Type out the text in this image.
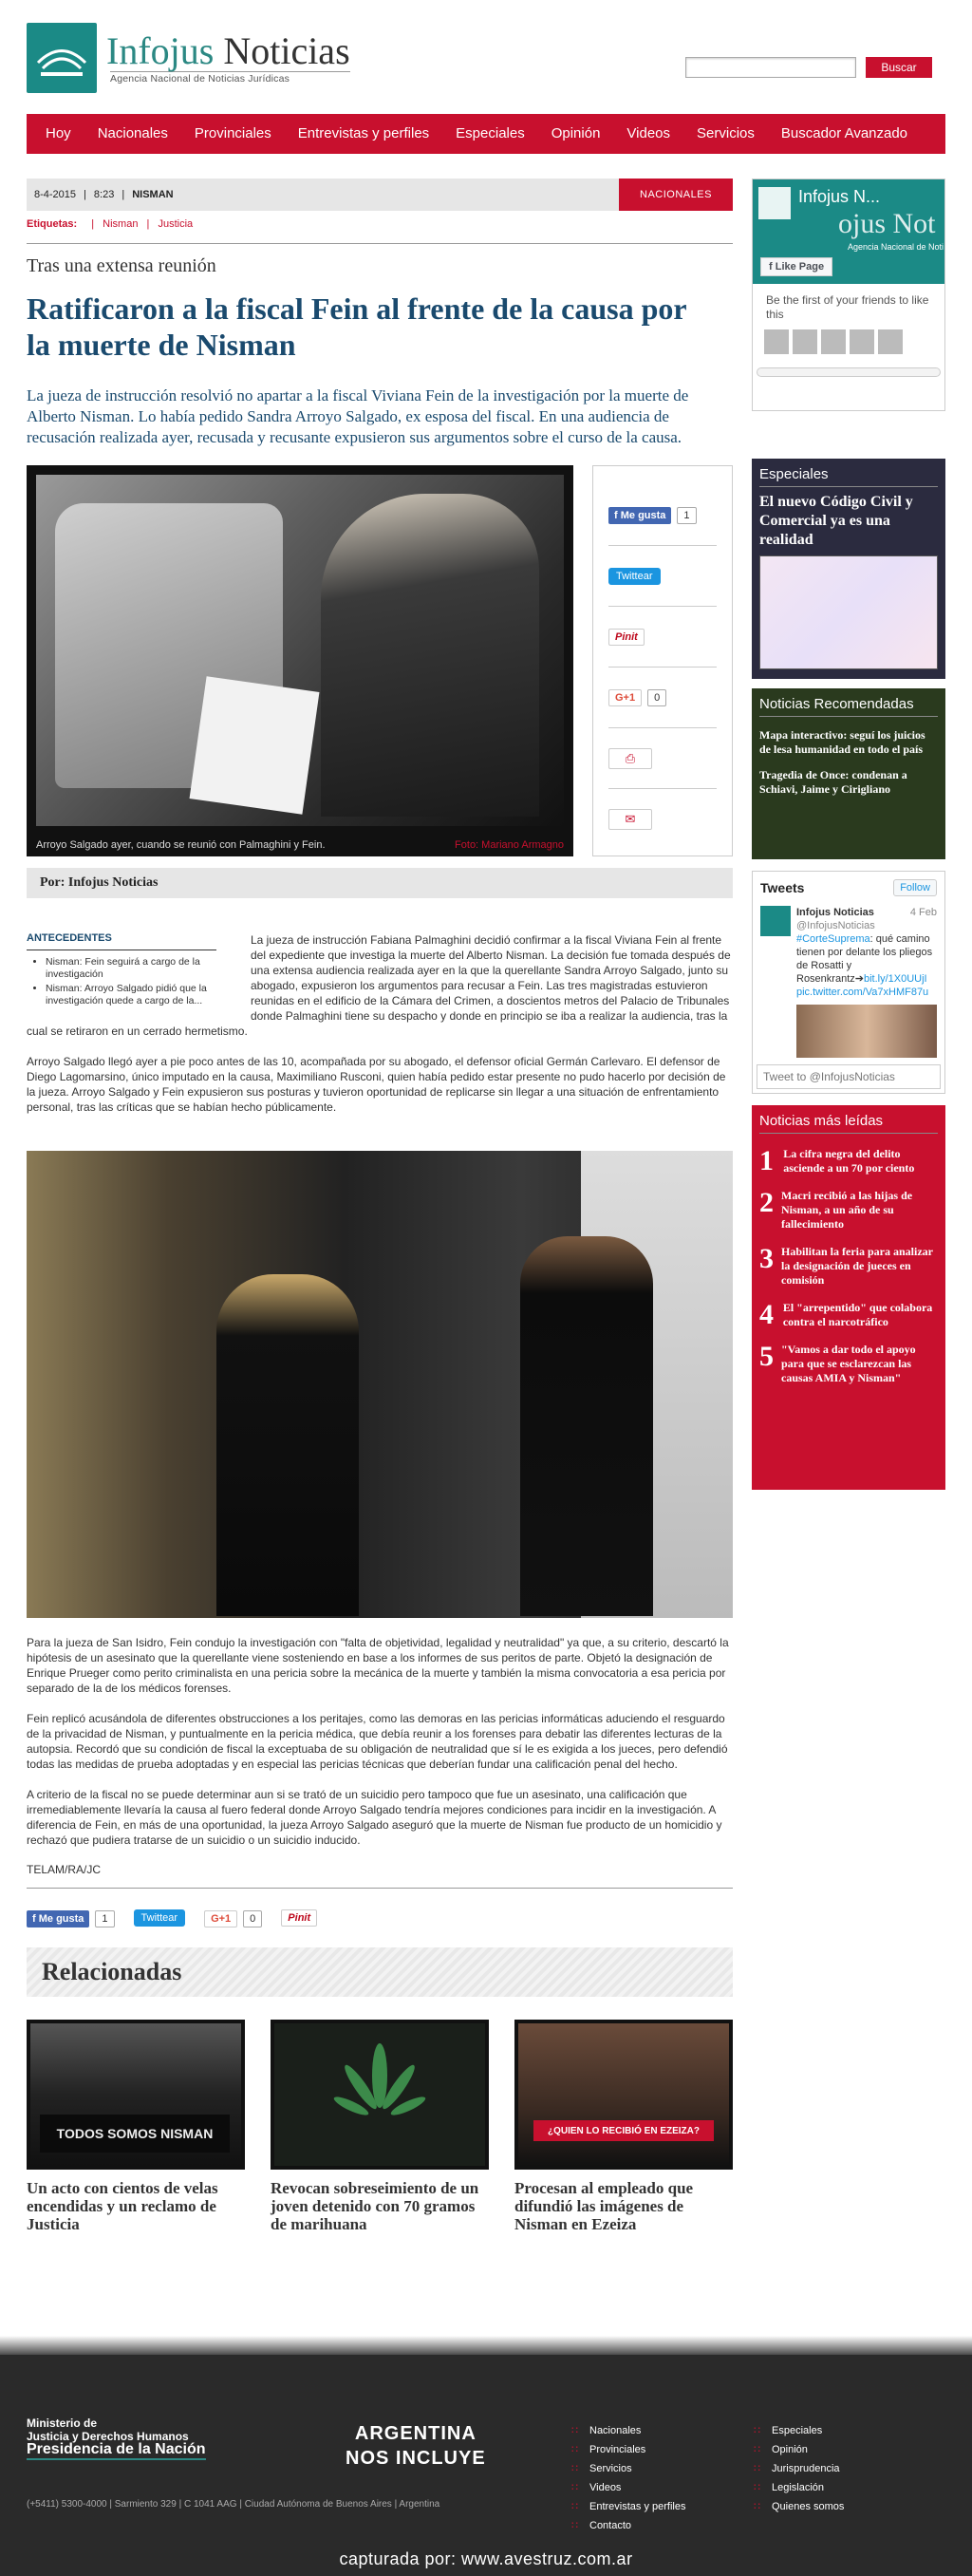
Infojus Noticias
Agencia Nacional de Noticias Jurídicas
Buscar
Hoy	Nacionales	Provinciales	Entrevistas y perfiles	Especiales	Opinión	Videos	Servicios	Buscador Avanzado
8-4-2015 | 8:23 | NISMAN	NACIONALES
Etiquetas: | Nisman | Justicia
Tras una extensa reunión
Ratificaron a la fiscal Fein al frente de la causa por la muerte de Nisman

La jueza de instrucción resolvió no apartar a la fiscal Viviana Fein de la investigación por la muerte de Alberto Nisman. Lo había pedido Sandra Arroyo Salgado, ex esposa del fiscal. En una audiencia de recusación realizada ayer, recusada y recusante expusieron sus argumentos sobre el curso de la causa.

Arroyo Salgado ayer, cuando se reunió con Palmaghini y Fein.	Foto: Mariano Armagno
f Me gusta	1
Twittear
Pinit
G+1	0
⎙
✉
Por: Infojus Noticias
ANTECEDENTES
• Nisman: Fein seguirá a cargo de la investigación
• Nisman: Arroyo Salgado pidió que la investigación quede a cargo de la...

La jueza de instrucción Fabiana Palmaghini decidió confirmar a la fiscal Viviana Fein al frente del expediente que investiga la muerte del Alberto Nisman. La decisión fue tomada después de una extensa audiencia realizada ayer en la que la querellante Sandra Arroyo Salgado, junto su abogado, expusieron los argumentos para recusar a Fein. Las tres magistradas estuvieron reunidas en el edificio de la Cámara del Crimen, a doscientos metros del Palacio de Tribunales donde Palmaghini tiene su despacho y donde en principio se iba a realizar la audiencia, tras la cual se retiraron en un cerrado hermetismo.

Arroyo Salgado llegó ayer a pie poco antes de las 10, acompañada por su abogado, el defensor oficial Germán Carlevaro. El defensor de Diego Lagomarsino, único imputado en la causa, Maximiliano Rusconi, quien había pedido estar presente no pudo hacerlo por decisión de la jueza. Arroyo Salgado y Fein expusieron sus posturas y tuvieron oportunidad de replicarse sin llegar a una situación de enfrentamiento personal, tras las críticas que se habían hecho públicamente.

Para la jueza de San Isidro, Fein condujo la investigación con "falta de objetividad, legalidad y neutralidad" ya que, a su criterio, descartó la hipótesis de un asesinato que la querellante viene sosteniendo en base a los informes de sus peritos de parte. Objetó la designación de Enrique Prueger como perito criminalista en una pericia sobre la mecánica de la muerte y también la misma convocatoria a esa pericia por separado de la de los médicos forenses.

Fein replicó acusándola de diferentes obstrucciones a los peritajes, como las demoras en las pericias informáticas aduciendo el resguardo de la privacidad de Nisman, y puntualmente en la pericia médica, que debía reunir a los forenses para debatir las diferentes lecturas de la autopsia. Recordó que su condición de fiscal la exceptuaba de su obligación de neutralidad que sí le es exigida a los jueces, pero defendió todas las medidas de prueba adoptadas y en especial las pericias técnicas que deberían fundar una calificación penal del hecho.

A criterio de la fiscal no se puede determinar aun si se trató de un suicidio pero tampoco que fue un asesinato, una calificación que irremediablemente llevaría la causa al fuero federal donde Arroyo Salgado tendría mejores condiciones para incidir en la investigación. A diferencia de Fein, en más de una oportunidad, la jueza Arroyo Salgado aseguró que la muerte de Nisman fue producto de un homicidio y rechazó que pudiera tratarse de un suicidio o un suicidio inducido.

TELAM/RA/JC
f Me gusta 1	Twittear	G+1 0	Pinit
Relacionadas
TODOS SOMOS NISMAN
Un acto con cientos de velas encendidas y un reclamo de Justicia
Revocan sobreseimiento de un joven detenido con 70 gramos de marihuana
¿QUIEN LO RECIBIÓ EN EZEIZA?
Procesan al empleado que difundió las imágenes de Nisman en Ezeiza
Infojus N...
ojus Not
Agencia Nacional de Noti
f Like Page
Be the first of your friends to like this
Especiales
El nuevo Código Civil y Comercial ya es una realidad
Noticias Recomendadas
Mapa interactivo: seguí los juicios de lesa humanidad en todo el país
Tragedia de Once: condenan a Schiavi, Jaime y Cirigliano
Tweets	Follow
4 Feb
Infojus Noticias
@InfojusNoticias
#CorteSuprema: qué camino tienen por delante los pliegos de Rosatti y Rosenkrantz➔bit.ly/1X0UUjI
pic.twitter.com/Va7xHMF87u
Tweet to @InfojusNoticias
Noticias más leídas
1 La cifra negra del delito asciende a un 70 por ciento
2 Macri recibió a las hijas de Nisman, a un año de su fallecimiento
3 Habilitan la feria para analizar la designación de jueces en comisión
4 El "arrepentido" que colabora contra el narcotráfico
5 "Vamos a dar todo el apoyo para que se esclarezcan las causas AMIA y Nisman"
Ministerio de
Justicia y Derechos Humanos
Presidencia de la Nación
(+5411) 5300-4000 | Sarmiento 329 | C 1041 AAG | Ciudad Autónoma de Buenos Aires | Argentina
ARGENTINA
NOS INCLUYE
∷ Nacionales
∷ Provinciales
∷ Servicios
∷ Videos
∷ Entrevistas y perfiles
∷ Contacto
∷ Especiales
∷ Opinión
∷ Jurisprudencia
∷ Legislación
∷ Quienes somos
capturada por: www.avestruz.com.ar
